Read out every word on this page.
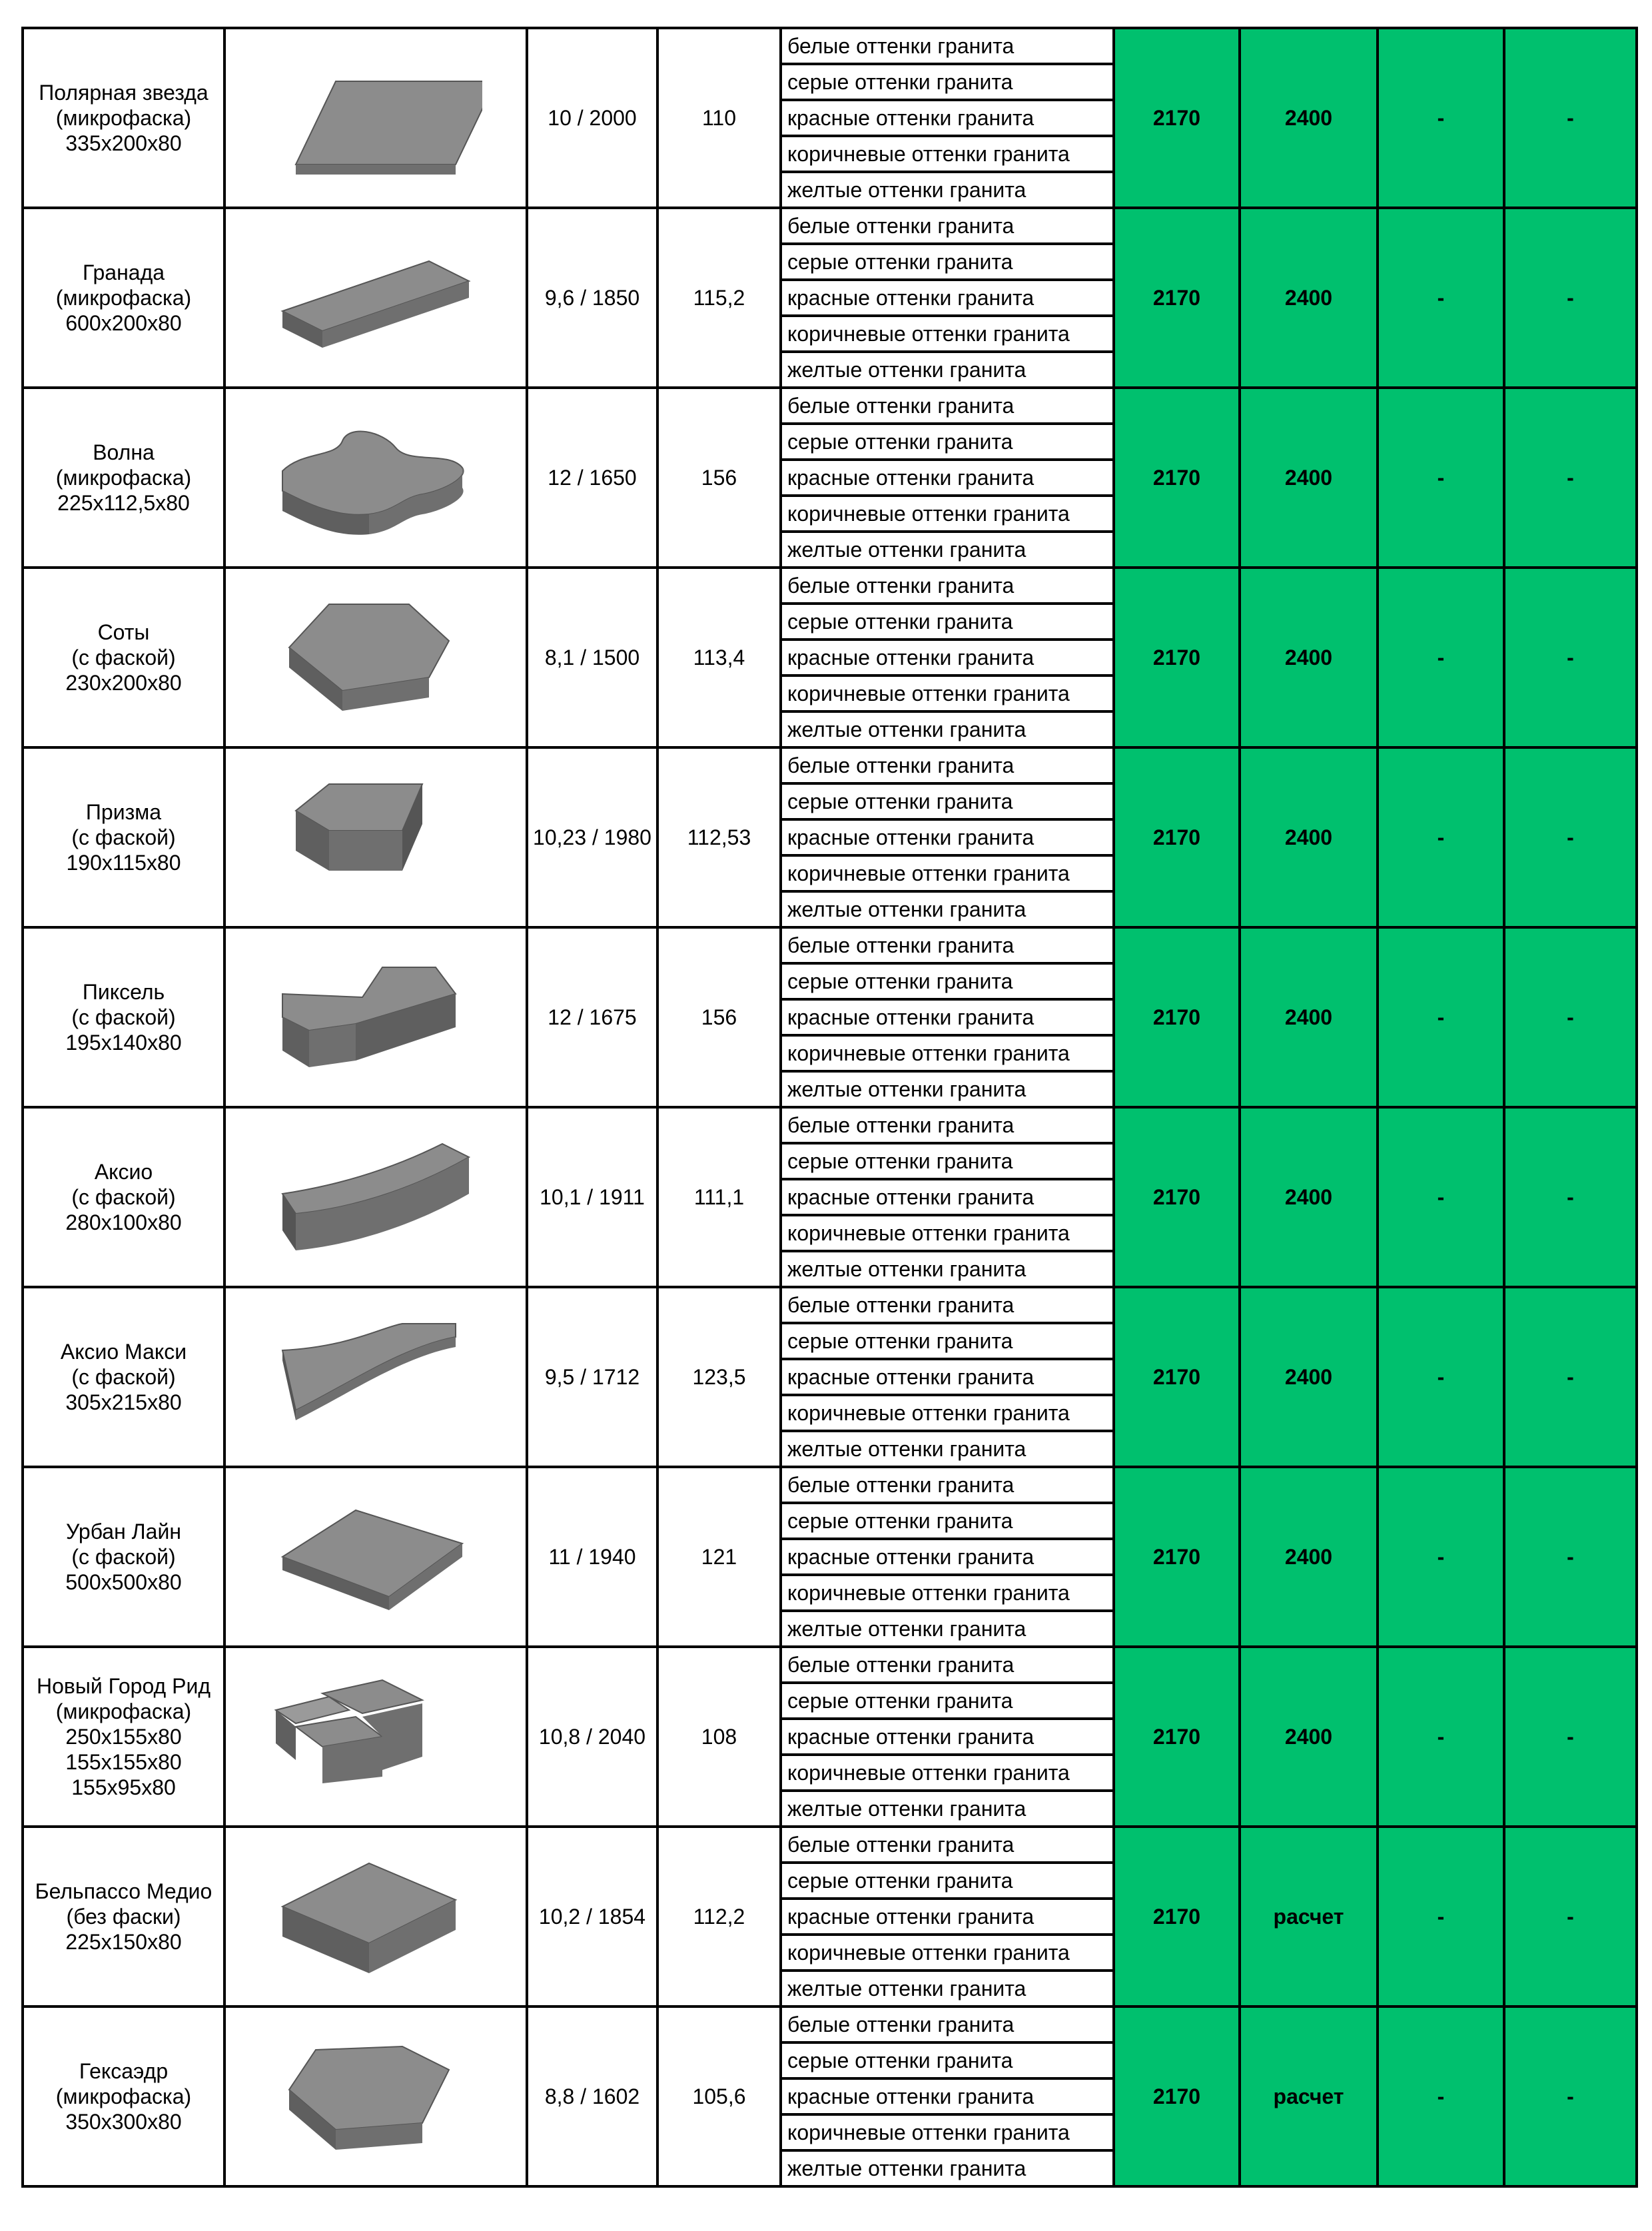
Полярная звезда
(микрофаска)
335x200x80		10 / 2000	110	белые оттенки гранита	2170	2400	-	-
				серые оттенки гранита				
				красные оттенки гранита				
				коричневые оттенки гранита				
				желтые оттенки гранита				
Гранада
(микрофаска)
600x200x80		9,6 / 1850	115,2	белые оттенки гранита	2170	2400	-	-
				серые оттенки гранита				
				красные оттенки гранита				
				коричневые оттенки гранита				
				желтые оттенки гранита				
Волна
(микрофаска)
225x112,5x80		12 / 1650	156	белые оттенки гранита	2170	2400	-	-
				серые оттенки гранита				
				красные оттенки гранита				
				коричневые оттенки гранита				
				желтые оттенки гранита				
Соты
(с фаской)
230x200x80		8,1 / 1500	113,4	белые оттенки гранита	2170	2400	-	-
				серые оттенки гранита				
				красные оттенки гранита				
				коричневые оттенки гранита				
				желтые оттенки гранита				
Призма
(с фаской)
190x115x80		10,23 / 1980	112,53	белые оттенки гранита	2170	2400	-	-
				серые оттенки гранита				
				красные оттенки гранита				
				коричневые оттенки гранита				
				желтые оттенки гранита				
Пиксель
(с фаской)
195x140x80		12 / 1675	156	белые оттенки гранита	2170	2400	-	-
				серые оттенки гранита				
				красные оттенки гранита				
				коричневые оттенки гранита				
				желтые оттенки гранита				
Аксио
(с фаской)
280x100x80		10,1 / 1911	111,1	белые оттенки гранита	2170	2400	-	-
				серые оттенки гранита				
				красные оттенки гранита				
				коричневые оттенки гранита				
				желтые оттенки гранита				
Аксио Макси
(с фаской)
305x215x80		9,5 / 1712	123,5	белые оттенки гранита	2170	2400	-	-
				серые оттенки гранита				
				красные оттенки гранита				
				коричневые оттенки гранита				
				желтые оттенки гранита				
Урбан Лайн
(с фаской)
500x500x80		11 / 1940	121	белые оттенки гранита	2170	2400	-	-
				серые оттенки гранита				
				красные оттенки гранита				
				коричневые оттенки гранита				
				желтые оттенки гранита				
Новый Город Рид
(микрофаска)
250x155x80
155x155x80
155x95x80		10,8 / 2040	108	белые оттенки гранита	2170	2400	-	-
				серые оттенки гранита				
				красные оттенки гранита				
				коричневые оттенки гранита				
				желтые оттенки гранита				
Бельпассо Медио
(без фаски)
225x150x80		10,2 / 1854	112,2	белые оттенки гранита	2170	расчет	-	-
				серые оттенки гранита				
				красные оттенки гранита				
				коричневые оттенки гранита				
				желтые оттенки гранита				
Гексаэдр
(микрофаска)
350x300x80		8,8 / 1602	105,6	белые оттенки гранита	2170	расчет	-	-
				серые оттенки гранита				
				красные оттенки гранита				
				коричневые оттенки гранита				
				желтые оттенки гранита				
